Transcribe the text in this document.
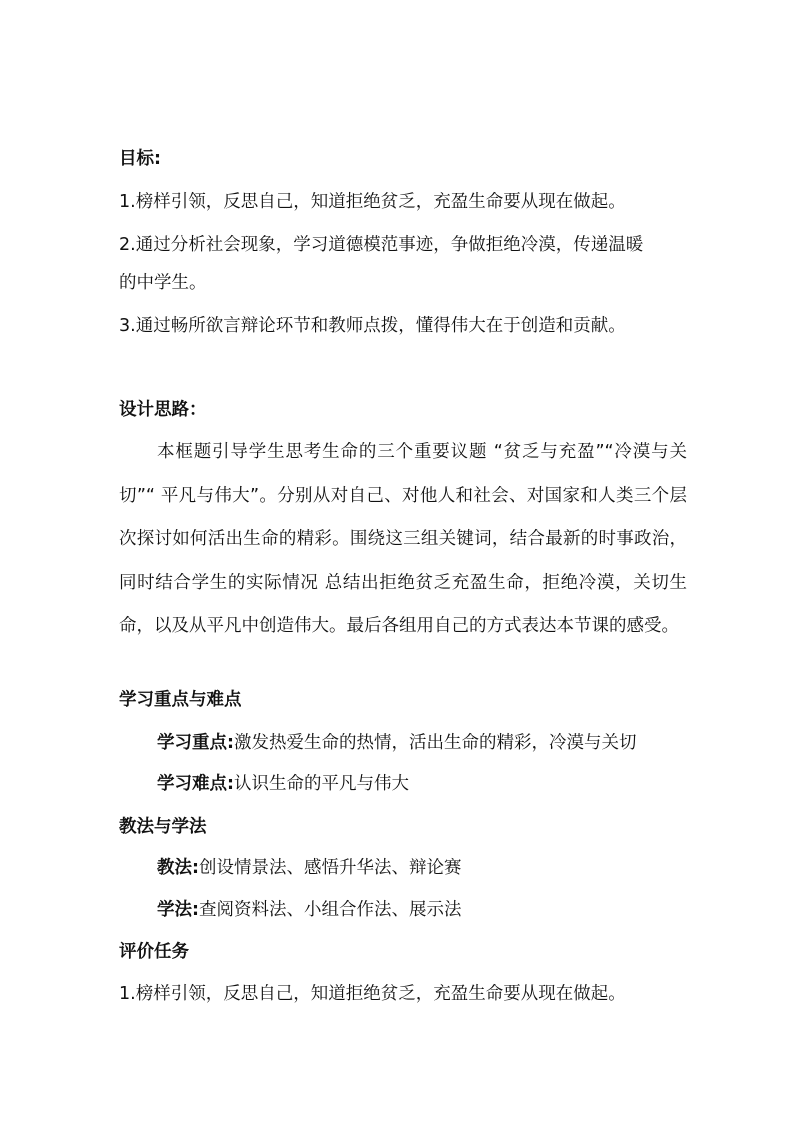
目标:
1.榜样引领，反思自己，知道拒绝贫乏，充盈生命要从现在做起。
2.通过分析社会现象，学习道德模范事迹，争做拒绝冷漠，传递温暖
的中学生。
3.通过畅所欲言辩论环节和教师点拨，懂得伟大在于创造和贡献。
设计思路：
本框题引导学生思考生命的三个重要议题 “贫乏与充盈”“冷漠与关切”“ 平凡与伟大”。分别从对自己、对他人和社会、对国家和人类三个层次探讨如何活出生命的精彩。围绕这三组关键词，结合最新的时事政治，同时结合学生的实际情况 总结出拒绝贫乏充盈生命，拒绝冷漠，关切生命，以及从平凡中创造伟大。最后各组用自己的方式表达本节课的感受。
学习重点与难点
学习重点:激发热爱生命的热情，活出生命的精彩，冷漠与关切
学习难点:认识生命的平凡与伟大
教法与学法
教法:创设情景法、感悟升华法、辩论赛
学法:查阅资料法、小组合作法、展示法
评价任务
1.榜样引领，反思自己，知道拒绝贫乏，充盈生命要从现在做起。
